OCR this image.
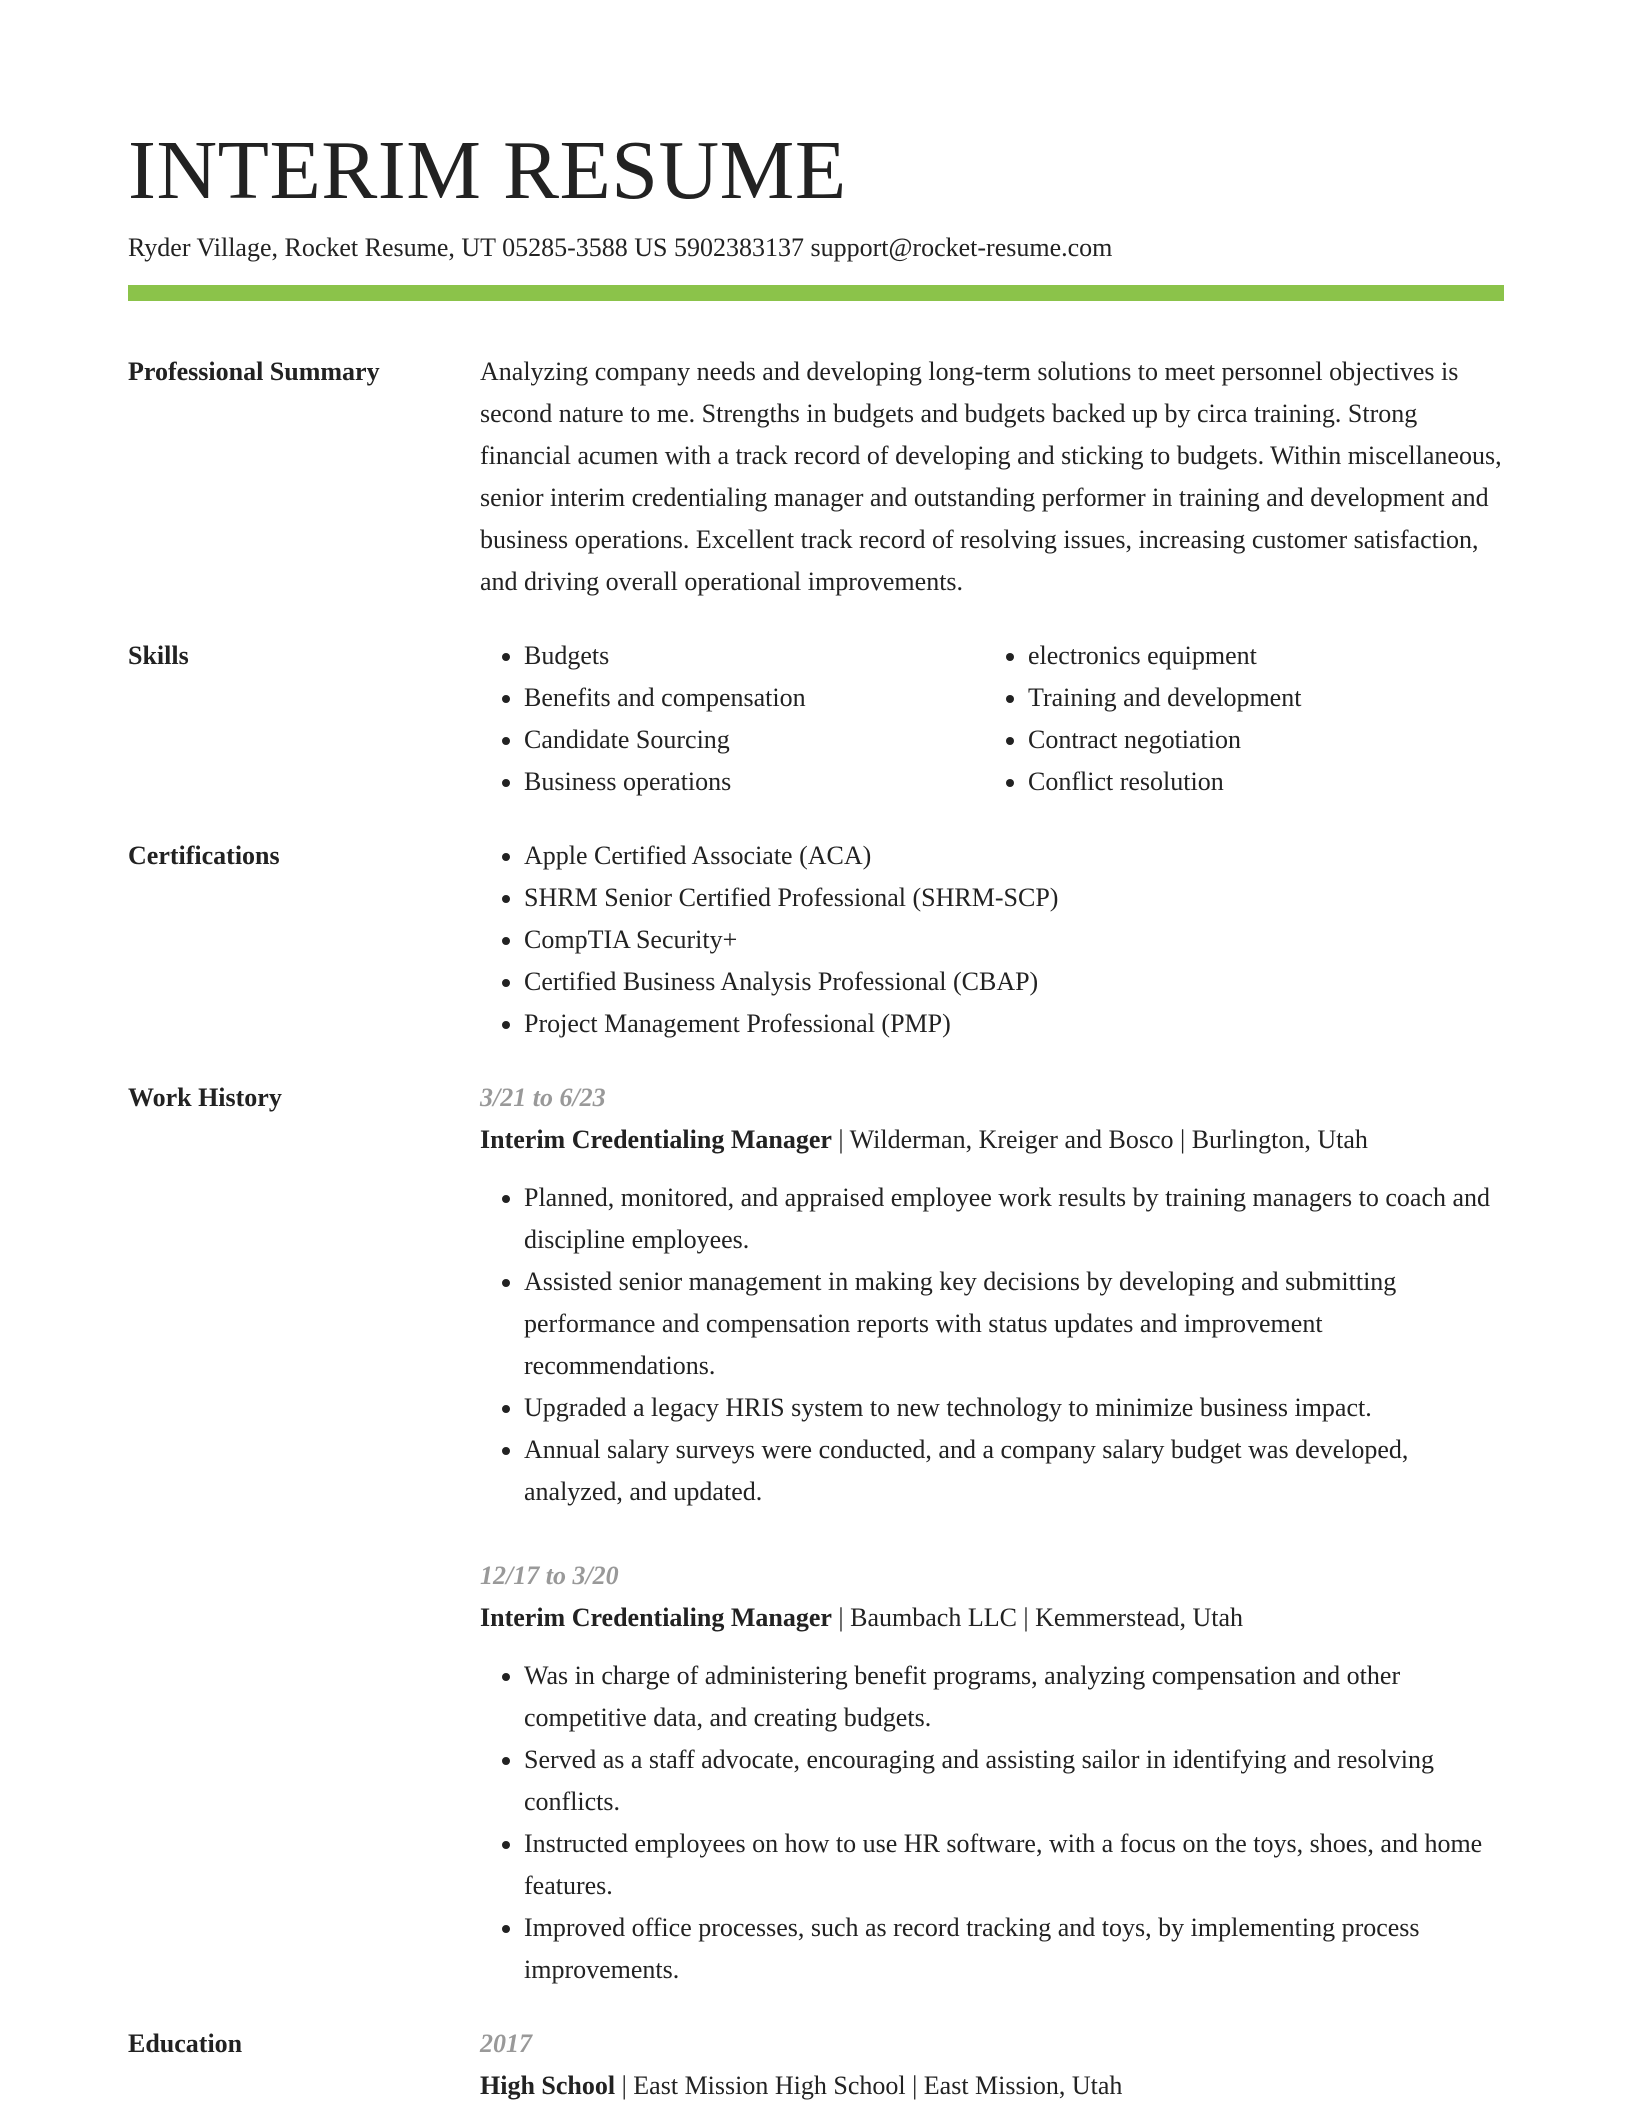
INTERIM RESUME
Ryder Village, Rocket Resume, UT 05285-3588 US 5902383137 support@rocket-resume.com
Professional Summary	Analyzing company needs and developing long-term solutions to meet personnel objectives is second nature to me. Strengths in budgets and budgets backed up by circa training. Strong financial acumen with a track record of developing and sticking to budgets. Within miscellaneous, senior interim credentialing manager and outstanding performer in training and development and business operations. Excellent track record of resolving issues, increasing customer satisfaction, and driving overall operational improvements.

Skills	• Budgets
• Benefits and compensation
• Candidate Sourcing
• Business operations
• electronics equipment
• Training and development
• Contract negotiation
• Conflict resolution
Certifications	• Apple Certified Associate (ACA)
• SHRM Senior Certified Professional (SHRM-SCP)
• CompTIA Security+
• Certified Business Analysis Professional (CBAP)
• Project Management Professional (PMP)
Work History	3/21 to 6/23
Interim Credentialing Manager | Wilderman, Kreiger and Bosco | Burlington, Utah
• Planned, monitored, and appraised employee work results by training managers to coach and discipline employees.
• Assisted senior management in making key decisions by developing and submitting performance and compensation reports with status updates and improvement recommendations.
• Upgraded a legacy HRIS system to new technology to minimize business impact.
• Annual salary surveys were conducted, and a company salary budget was developed, analyzed, and updated.
12/17 to 3/20
Interim Credentialing Manager | Baumbach LLC | Kemmerstead, Utah
• Was in charge of administering benefit programs, analyzing compensation and other competitive data, and creating budgets.
• Served as a staff advocate, encouraging and assisting sailor in identifying and resolving conflicts.
• Instructed employees on how to use HR software, with a focus on the toys, shoes, and home features.
• Improved office processes, such as record tracking and toys, by implementing process improvements.
Education	2017
High School | East Mission High School | East Mission, Utah
